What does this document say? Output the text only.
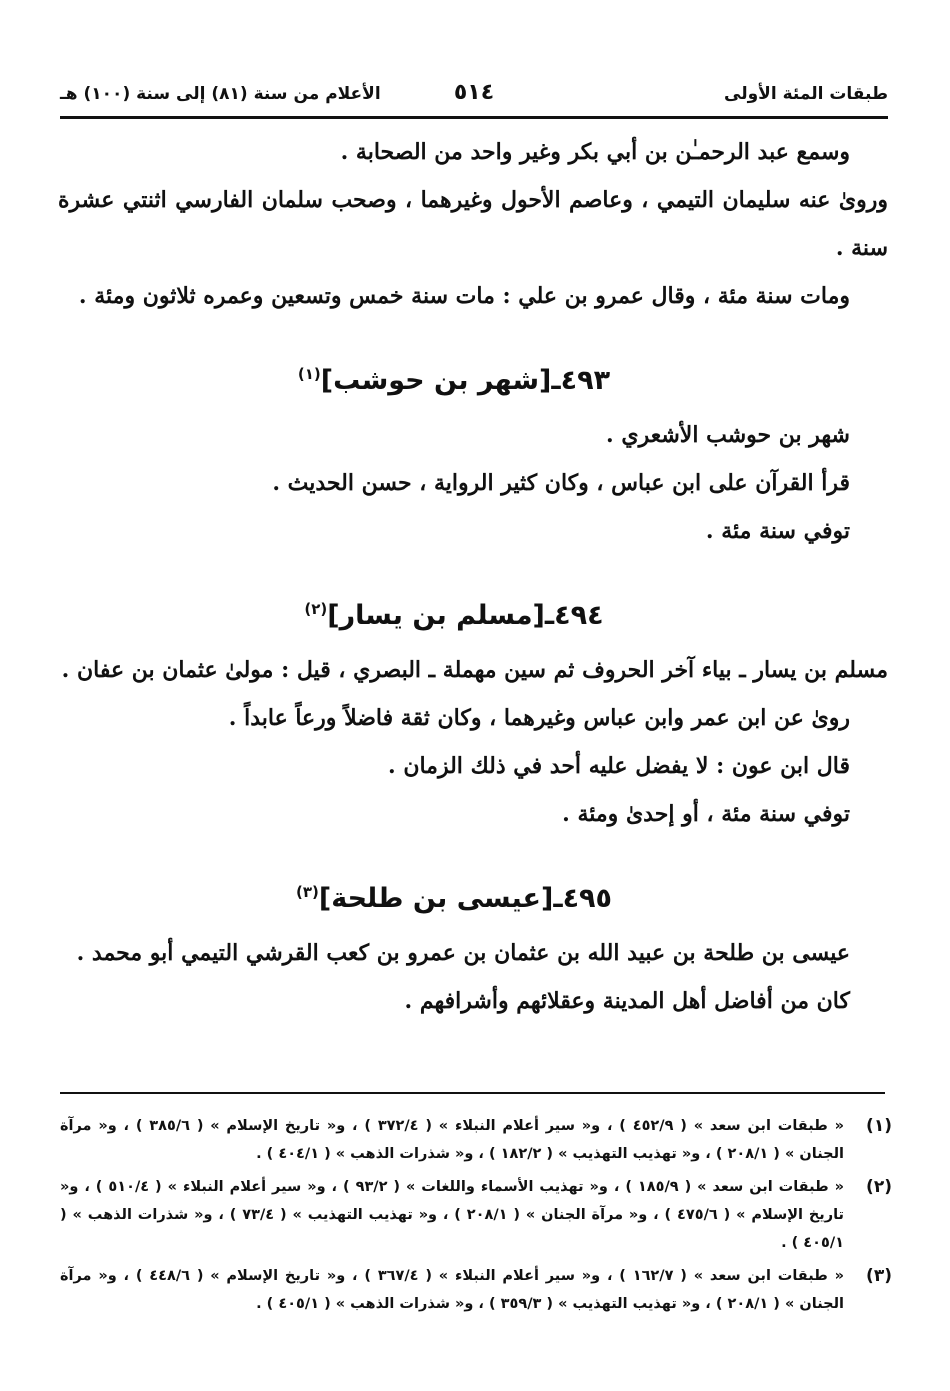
طبقات المئة الأولى
٥١٤
الأعلام من سنة (٨١) إلى سنة (١٠٠) هـ

وسمع عبد الرحمـٰن بن أبي بكر وغير واحد من الصحابة .

وروىٰ عنه سليمان التيمي ، وعاصم الأحول وغيرهما ، وصحب سلمان الفارسي اثنتي عشرة سنة .

ومات سنة مئة ، وقال عمرو بن علي : مات سنة خمس وتسعين وعمره ثلاثون ومئة .

٤٩٣ـ[شهر بن حوشب]$^{(١)}$

شهر بن حوشب الأشعري .

قرأ القرآن على ابن عباس ، وكان كثير الرواية ، حسن الحديث .

توفي سنة مئة .

٤٩٤ـ[مسلم بن يسار]$^{(٢)}$

مسلم بن يسار ـ بياء آخر الحروف ثم سين مهملة ـ البصري ، قيل : مولىٰ عثمان بن عفان .

روىٰ عن ابن عمر وابن عباس وغيرهما ، وكان ثقة فاضلاً ورعاً عابداً .

قال ابن عون : لا يفضل عليه أحد في ذلك الزمان .

توفي سنة مئة ، أو إحدىٰ ومئة .

٤٩٥ـ[عيسى بن طلحة]$^{(٣)}$

عيسى بن طلحة بن عبيد الله بن عثمان بن عمرو بن كعب القرشي التيمي أبو محمد .

كان من أفاضل أهل المدينة وعقلائهم وأشرافهم .

(١)
« طبقات ابن سعد » ( ٤٥٢/٩ ) ، و« سير أعلام النبلاء » ( ٣٧٢/٤ ) ، و« تاريخ الإسلام » ( ٣٨٥/٦ ) ، و« مرآة الجنان » ( ٢٠٨/١ ) ، و« تهذيب التهذيب » ( ١٨٢/٢ ) ، و« شذرات الذهب » ( ٤٠٤/١ ) .
(٢)
« طبقات ابن سعد » ( ١٨٥/٩ ) ، و« تهذيب الأسماء واللغات » ( ٩٣/٢ ) ، و« سير أعلام النبلاء » ( ٥١٠/٤ ) ، و« تاريخ الإسلام » ( ٤٧٥/٦ ) ، و« مرآة الجنان » ( ٢٠٨/١ ) ، و« تهذيب التهذيب » ( ٧٣/٤ ) ، و« شذرات الذهب » ( ٤٠٥/١ ) .
(٣)
« طبقات ابن سعد » ( ١٦٢/٧ ) ، و« سير أعلام النبلاء » ( ٣٦٧/٤ ) ، و« تاريخ الإسلام » ( ٤٤٨/٦ ) ، و« مرآة الجنان » ( ٢٠٨/١ ) ، و« تهذيب التهذيب » ( ٣٥٩/٣ ) ، و« شذرات الذهب » ( ٤٠٥/١ ) .
